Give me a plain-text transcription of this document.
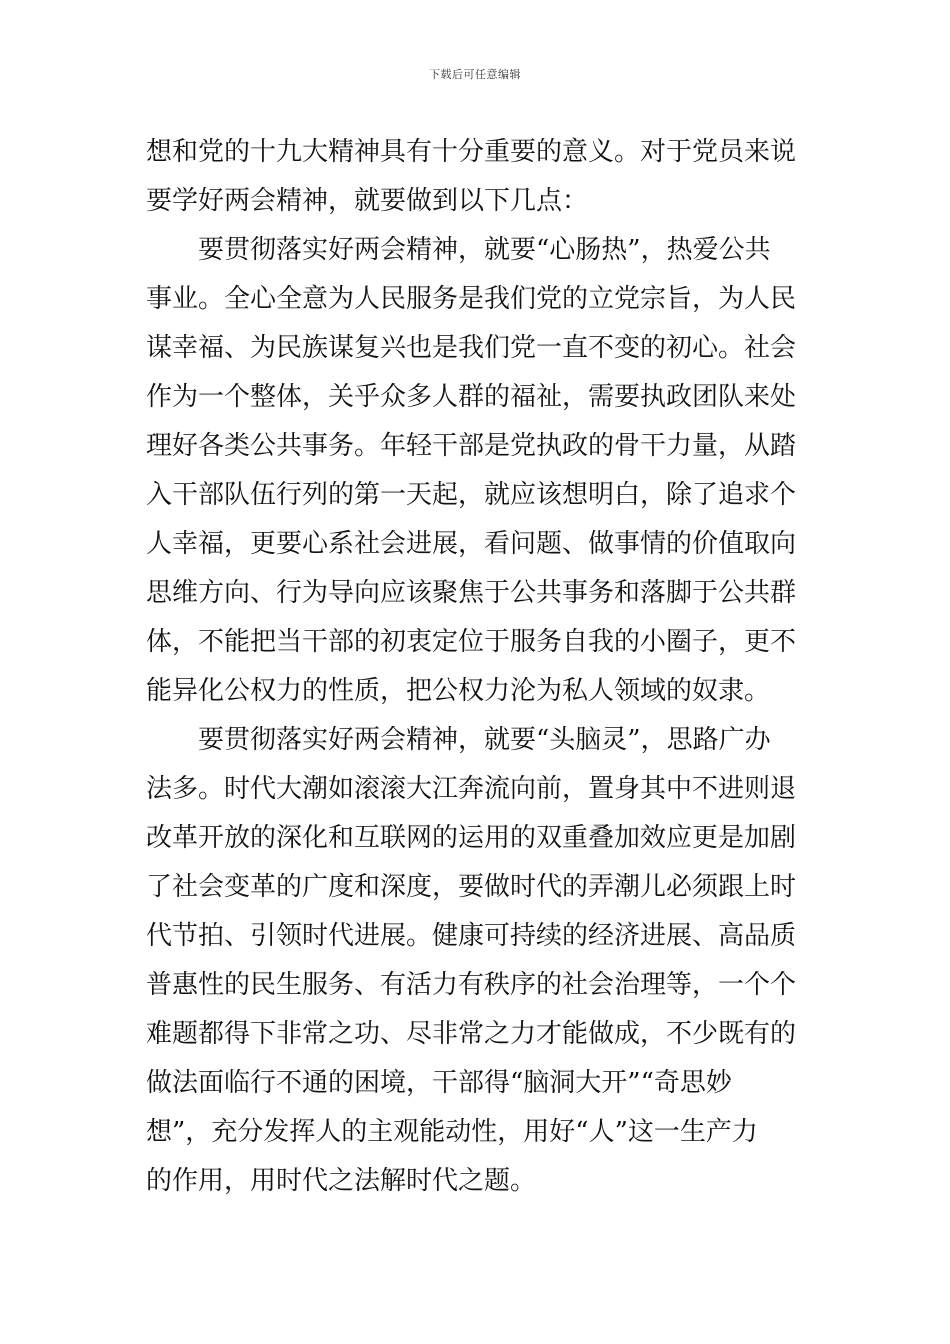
下载后可任意编辑
想和党的十九大精神具有十分重要的意义。对于党员来说
要学好两会精神，就要做到以下几点：
要贯彻落实好两会精神，就要“心肠热”，热爱公共
事业。全心全意为人民服务是我们党的立党宗旨，为人民
谋幸福、为民族谋复兴也是我们党一直不变的初心。社会
作为一个整体，关乎众多人群的福祉，需要执政团队来处
理好各类公共事务。年轻干部是党执政的骨干力量，从踏
入干部队伍行列的第一天起，就应该想明白，除了追求个
人幸福，更要心系社会进展，看问题、做事情的价值取向
思维方向、行为导向应该聚焦于公共事务和落脚于公共群
体，不能把当干部的初衷定位于服务自我的小圈子，更不
能异化公权力的性质，把公权力沦为私人领域的奴隶。
要贯彻落实好两会精神，就要“头脑灵”，思路广办
法多。时代大潮如滚滚大江奔流向前，置身其中不进则退
改革开放的深化和互联网的运用的双重叠加效应更是加剧
了社会变革的广度和深度，要做时代的弄潮儿必须跟上时
代节拍、引领时代进展。健康可持续的经济进展、高品质
普惠性的民生服务、有活力有秩序的社会治理等，一个个
难题都得下非常之功、尽非常之力才能做成，不少既有的
做法面临行不通的困境，干部得“脑洞大开”“奇思妙
想”，充分发挥人的主观能动性，用好“人”这一生产力
的作用，用时代之法解时代之题。
